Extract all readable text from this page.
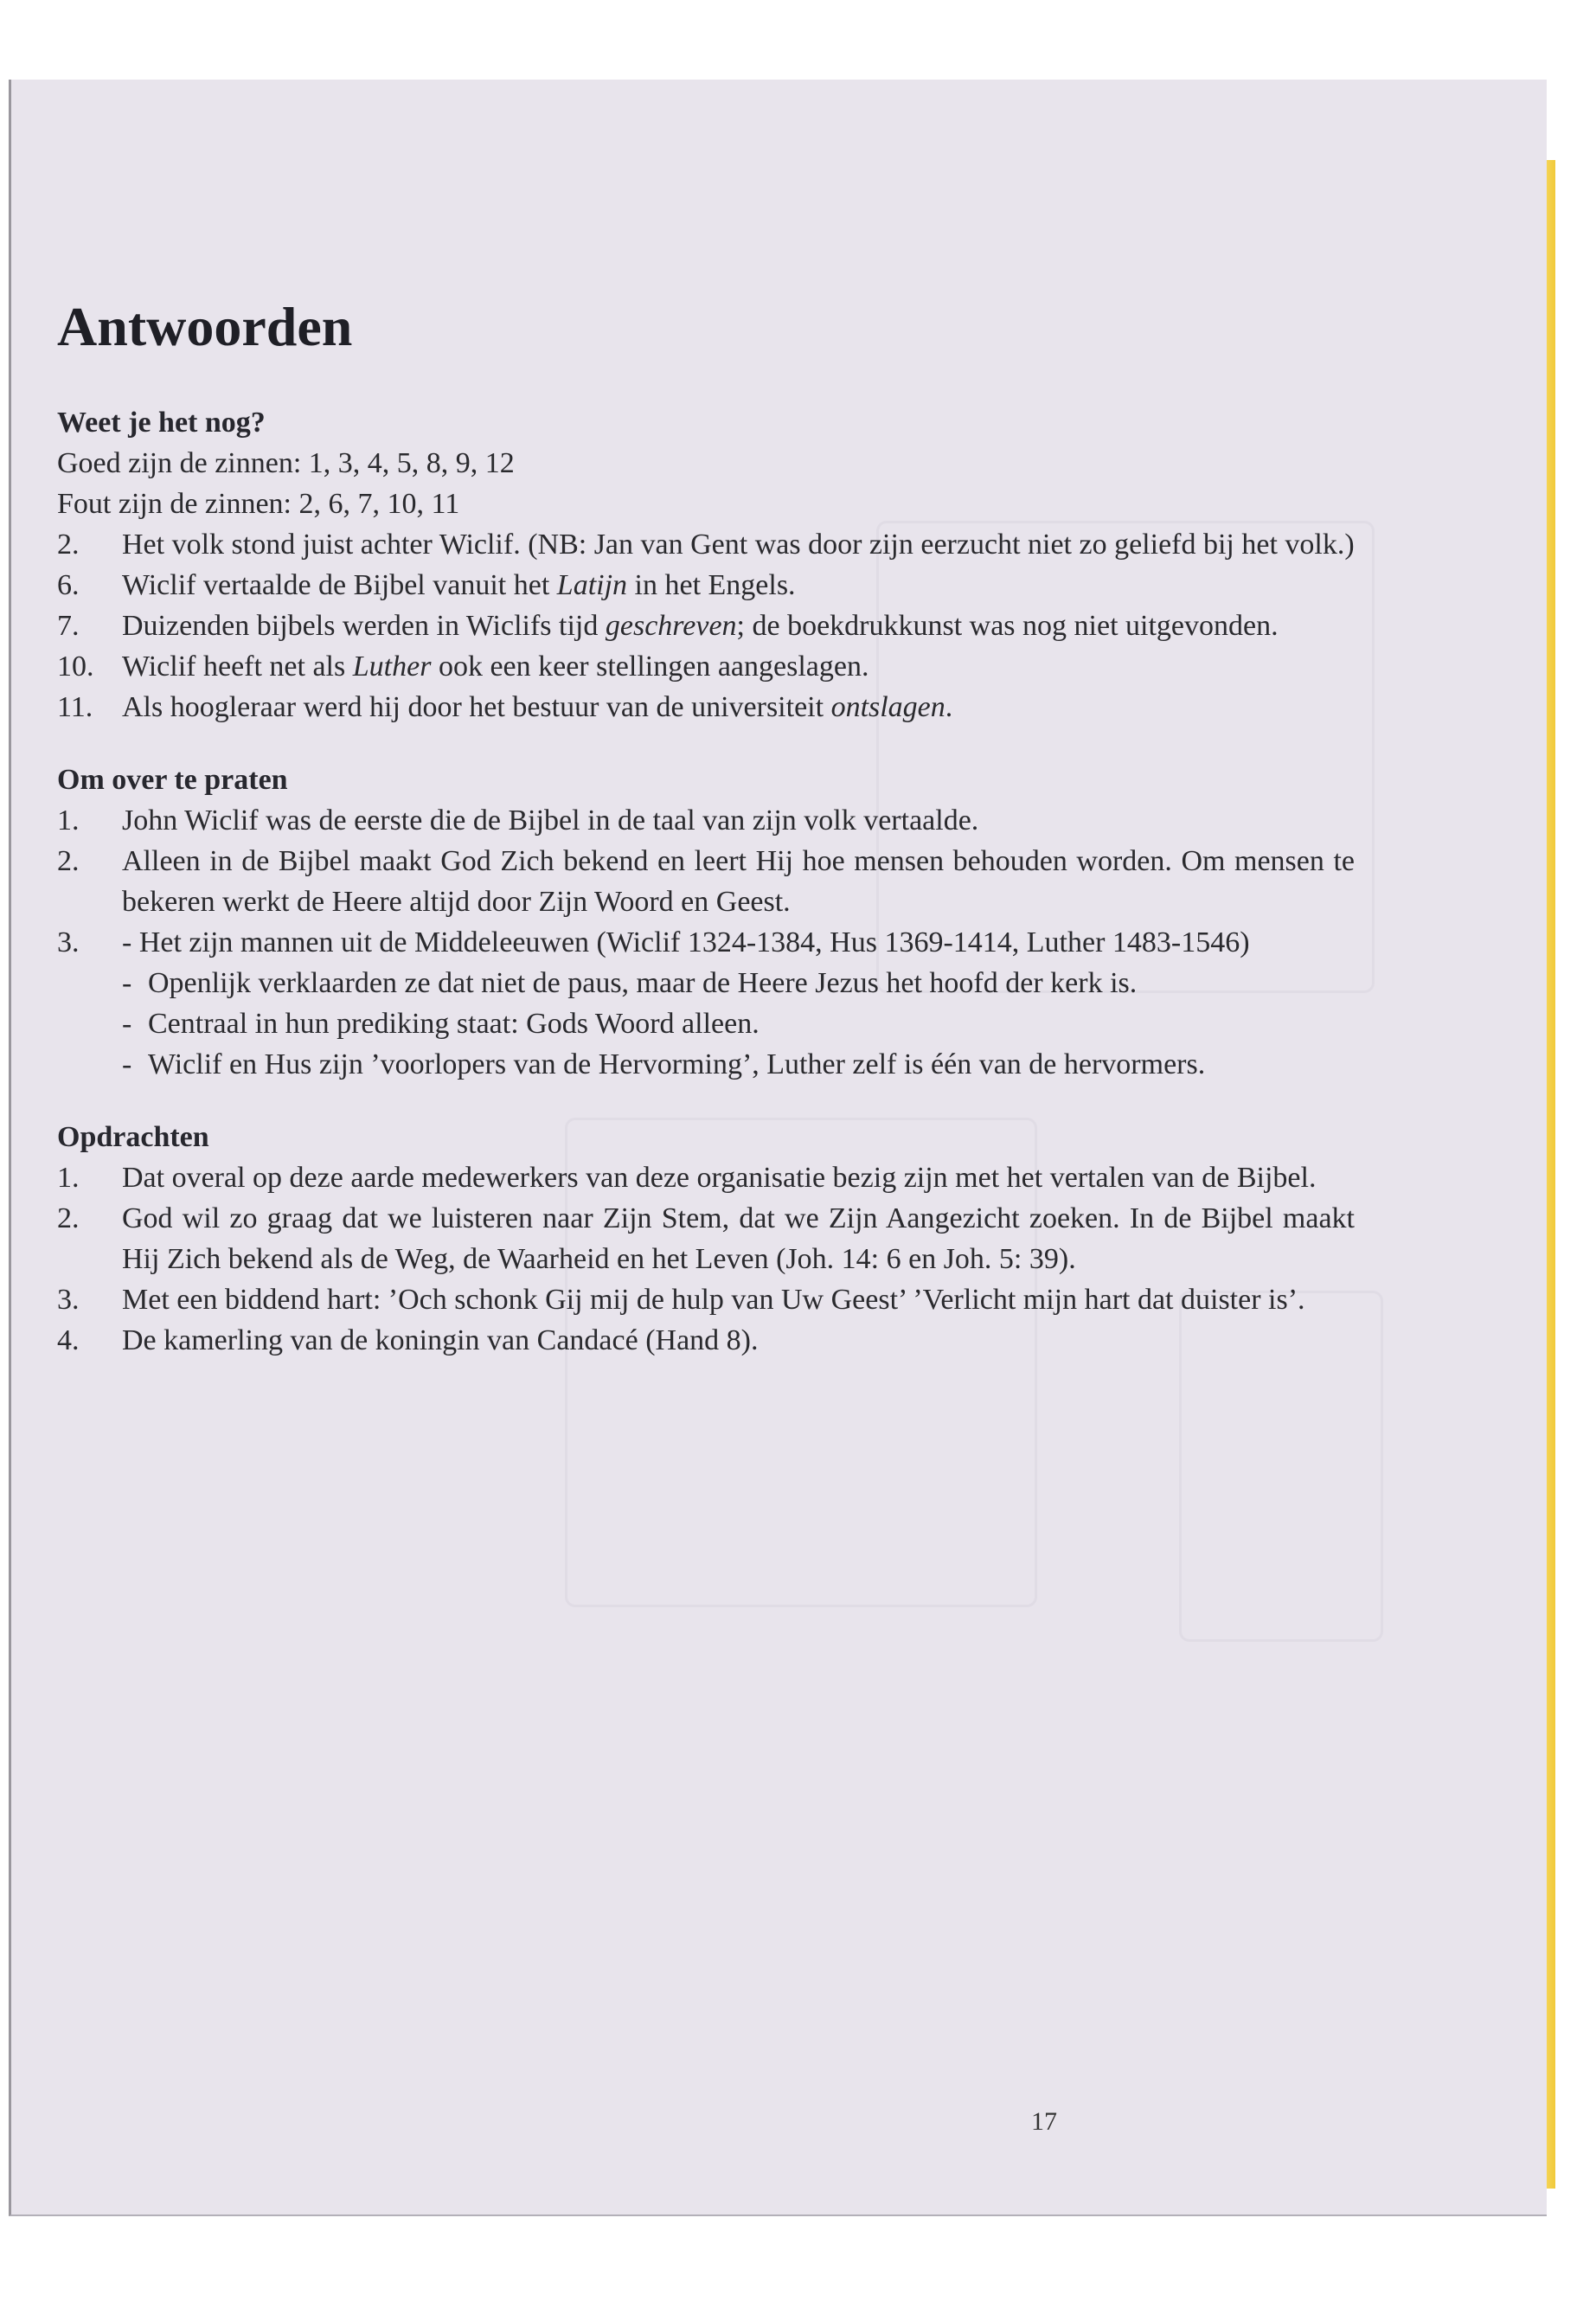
Antwoorden

Weet je het nog?

Goed zijn de zinnen: 1, 3, 4, 5, 8, 9, 12

Fout zijn de zinnen: 2, 6, 7, 10, 11

2.	Het volk stond juist achter Wiclif. (NB: Jan van Gent was door zijn eerzucht niet zo geliefd bij het volk.)
6.	Wiclif vertaalde de Bijbel vanuit het Latijn in het Engels.
7.	Duizenden bijbels werden in Wiclifs tijd geschreven; de boekdrukkunst was nog niet uitgevonden.
10. Wiclif heeft net als Luther ook een keer stellingen aangeslagen.
11. Als hoogleraar werd hij door het bestuur van de universiteit ontslagen.

Om over te praten

1.	John Wiclif was de eerste die de Bijbel in de taal van zijn volk vertaalde.
2.	Alleen in de Bijbel maakt God Zich bekend en leert Hij hoe mensen behouden worden. Om mensen te bekeren werkt de Heere altijd door Zijn Woord en Geest.
3.	- Het zijn mannen uit de Middeleeuwen (Wiclif 1324-1384, Hus 1369-1414, Luther 1483-1546)
- Openlijk verklaarden ze dat niet de paus, maar de Heere Jezus het hoofd der kerk is.
- Centraal in hun prediking staat: Gods Woord alleen.
- Wiclif en Hus zijn ’voorlopers van de Hervorming’, Luther zelf is één van de hervormers.

Opdrachten

1.	Dat overal op deze aarde medewerkers van deze organisatie bezig zijn met het vertalen van de Bijbel.
2.	God wil zo graag dat we luisteren naar Zijn Stem, dat we Zijn Aangezicht zoeken. In de Bijbel maakt Hij Zich bekend als de Weg, de Waarheid en het Leven (Joh. 14: 6 en Joh. 5: 39).
3.	Met een biddend hart: ’Och schonk Gij mij de hulp van Uw Geest’ ’Verlicht mijn hart dat duister is’.
4.	De kamerling van de koningin van Candacé (Hand 8).
17
